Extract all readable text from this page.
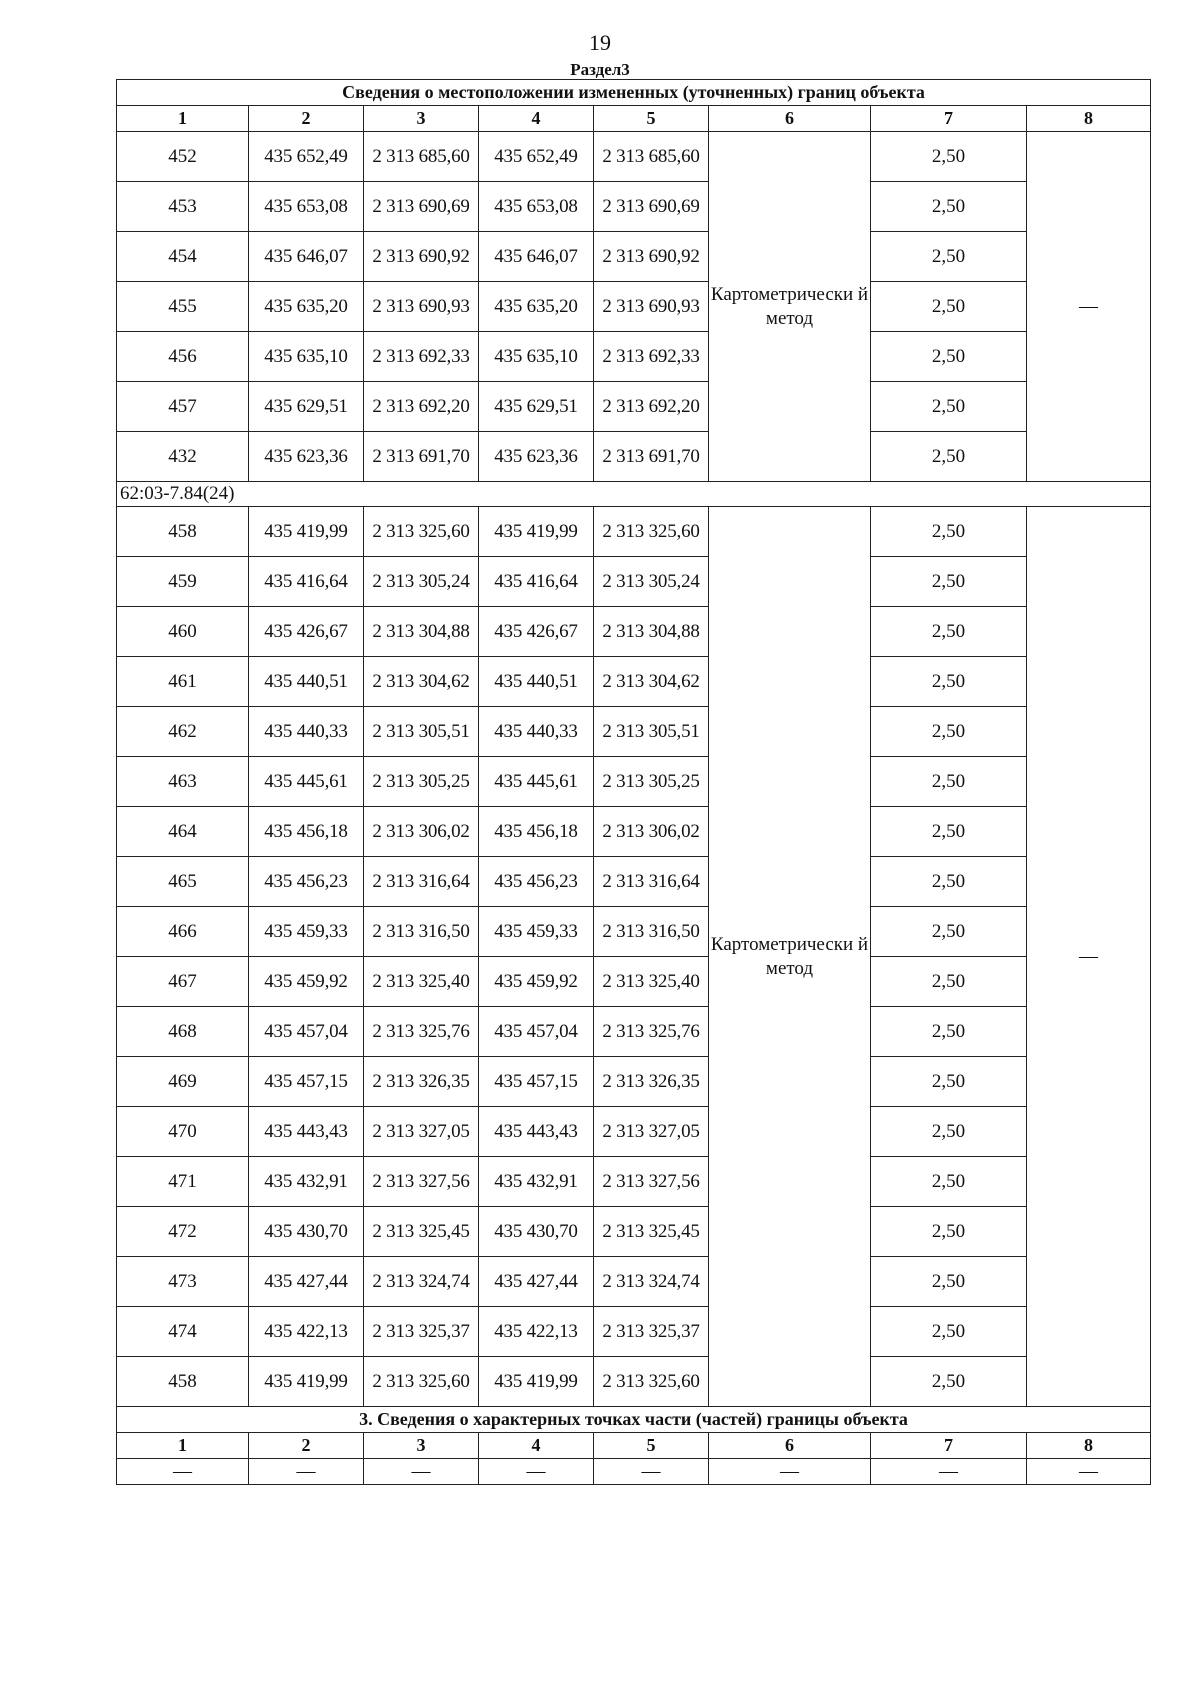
19
Раздел3
Сведения о местоположении измененных (уточненных) границ объекта							
1	2	3	4	5	6	7	8
452	435 652,49	2 313 685,60	435 652,49	2 313 685,60	Картометрически й метод	2,50	—
453	435 653,08	2 313 690,69	435 653,08	2 313 690,69		2,50	
454	435 646,07	2 313 690,92	435 646,07	2 313 690,92		2,50	
455	435 635,20	2 313 690,93	435 635,20	2 313 690,93		2,50	
456	435 635,10	2 313 692,33	435 635,10	2 313 692,33		2,50	
457	435 629,51	2 313 692,20	435 629,51	2 313 692,20		2,50	
432	435 623,36	2 313 691,70	435 623,36	2 313 691,70		2,50	
62:03-7.84(24)							
458	435 419,99	2 313 325,60	435 419,99	2 313 325,60	Картометрически й метод	2,50	—
459	435 416,64	2 313 305,24	435 416,64	2 313 305,24		2,50	
460	435 426,67	2 313 304,88	435 426,67	2 313 304,88		2,50	
461	435 440,51	2 313 304,62	435 440,51	2 313 304,62		2,50	
462	435 440,33	2 313 305,51	435 440,33	2 313 305,51		2,50	
463	435 445,61	2 313 305,25	435 445,61	2 313 305,25		2,50	
464	435 456,18	2 313 306,02	435 456,18	2 313 306,02		2,50	
465	435 456,23	2 313 316,64	435 456,23	2 313 316,64		2,50	
466	435 459,33	2 313 316,50	435 459,33	2 313 316,50		2,50	
467	435 459,92	2 313 325,40	435 459,92	2 313 325,40		2,50	
468	435 457,04	2 313 325,76	435 457,04	2 313 325,76		2,50	
469	435 457,15	2 313 326,35	435 457,15	2 313 326,35		2,50	
470	435 443,43	2 313 327,05	435 443,43	2 313 327,05		2,50	
471	435 432,91	2 313 327,56	435 432,91	2 313 327,56		2,50	
472	435 430,70	2 313 325,45	435 430,70	2 313 325,45		2,50	
473	435 427,44	2 313 324,74	435 427,44	2 313 324,74		2,50	
474	435 422,13	2 313 325,37	435 422,13	2 313 325,37		2,50	
458	435 419,99	2 313 325,60	435 419,99	2 313 325,60		2,50	
3. Сведения о характерных точках части (частей) границы объекта							
1	2	3	4	5	6	7	8
—	—	—	—	—	—	—	—
